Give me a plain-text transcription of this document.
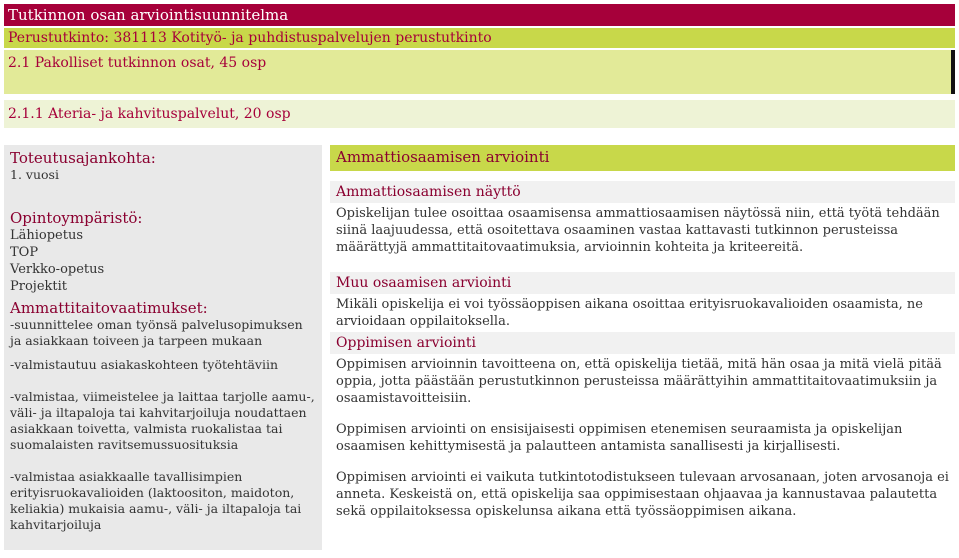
Tutkinnon osan arviointisuunnitelma
Perustutkinto: 381113 Kotityö- ja puhdistuspalvelujen perustutkinto
2.1 Pakolliset tutkinnon osat, 45 osp
2.1.1 Ateria- ja kahvituspalvelut, 20 osp
Toteutusajankohta:
1. vuosi
Opintoympäristö:
Lähiopetus
TOP
Verkko-opetus
Projektit
Ammattitaitovaatimukset:
-suunnittelee oman työnsä palvelusopimuksen ja asiakkaan toiveen ja tarpeen mukaan
-valmistautuu asiakaskohteen työtehtäviin
-valmistaa, viimeistelee ja laittaa tarjolle aamu-, väli- ja iltapaloja tai kahvitarjoiluja noudattaen asiakkaan toivetta, valmista ruokalistaa tai suomalaisten ravitsemussuosituksia
-valmistaa asiakkaalle tavallisimpien erityisruokavalioiden (laktoositon, maidoton, keliakia) mukaisia aamu-, väli- ja iltapaloja tai kahvitarjoiluja
Ammattiosaamisen arviointi
Ammattiosaamisen näyttö
Opiskelijan tulee osoittaa osaamisensa ammattiosaamisen näytössä niin, että työtä tehdään siinä laajuudessa, että osoitettava osaaminen vastaa kattavasti tutkinnon perusteissa määrättyjä ammattitaitovaatimuksia, arvioinnin kohteita ja kriteereitä.
Muu osaamisen arviointi
Mikäli opiskelija ei voi työssäoppisen aikana osoittaa erityisruokavalioiden osaamista, ne arvioidaan oppilaitoksella.
Oppimisen arviointi
Oppimisen arvioinnin tavoitteena on, että opiskelija tietää, mitä hän osaa ja mitä vielä pitää oppia, jotta päästään perustutkinnon perusteissa määrättyihin ammattitaitovaatimuksiin ja osaamistavoitteisiin.
Oppimisen arviointi on ensisijaisesti oppimisen etenemisen seuraamista ja opiskelijan osaamisen kehittymisestä ja palautteen antamista sanallisesti ja kirjallisesti.
Oppimisen arviointi ei vaikuta tutkintotodistukseen tulevaan arvosanaan, joten arvosanoja ei anneta. Keskeistä on, että opiskelija saa oppimisestaan ohjaavaa ja kannustavaa palautetta sekä oppilaitoksessa opiskelunsa aikana että työssäoppimisen aikana.
